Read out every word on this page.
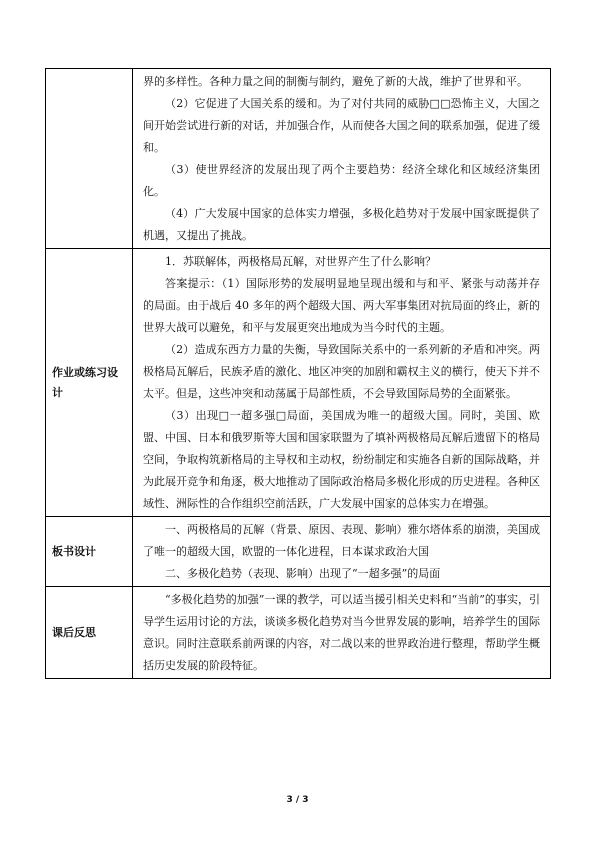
	界的多样性。各种力量之间的制衡与制约，避免了新的大战，维护了世界和平。

（2）它促进了大国关系的缓和。为了对付共同的威胁□□恐怖主义，大国之间开始尝试进行新的对话，并加强合作，从而使各大国之间的联系加强，促进了缓和。

（3）使世界经济的发展出现了两个主要趋势：经济全球化和区域经济集团化。

（4）广大发展中国家的总体实力增强，多极化趋势对于发展中国家既提供了机遇，又提出了挑战。

作业或练习设计	1．苏联解体，两极格局瓦解，对世界产生了什么影响？

答案提示：（1）国际形势的发展明显地呈现出缓和与和平、紧张与动荡并存的局面。由于战后 40 多年的两个超级大国、两大军事集团对抗局面的终止，新的世界大战可以避免，和平与发展更突出地成为当今时代的主题。

（2）造成东西方力量的失衡，导致国际关系中的一系列新的矛盾和冲突。两极格局瓦解后，民族矛盾的激化、地区冲突的加剧和霸权主义的横行，使天下并不太平。但是，这些冲突和动荡属于局部性质，不会导致国际局势的全面紧张。

（3）出现□一超多强□局面，美国成为唯一的超级大国。同时，美国、欧盟、中国、日本和俄罗斯等大国和国家联盟为了填补两极格局瓦解后遗留下的格局空间，争取构筑新格局的主导权和主动权，纷纷制定和实施各自新的国际战略，并为此展开竞争和角逐，极大地推动了国际政治格局多极化形成的历史进程。各种区域性、洲际性的合作组织空前活跃，广大发展中国家的总体实力在增强。

板书设计	一、两极格局的瓦解（背景、原因、表现、影响）雅尔塔体系的崩溃，美国成了唯一的超级大国，欧盟的一体化进程，日本谋求政治大国

二、多极化趋势（表现、影响）出现了“一超多强”的局面

课后反思	“多极化趋势的加强”一课的教学，可以适当援引相关史料和“当前”的事实，引导学生运用讨论的方法，谈谈多极化趋势对当今世界发展的影响，培养学生的国际意识。同时注意联系前两课的内容，对二战以来的世界政治进行整理，帮助学生概括历史发展的阶段特征。

3 / 3
